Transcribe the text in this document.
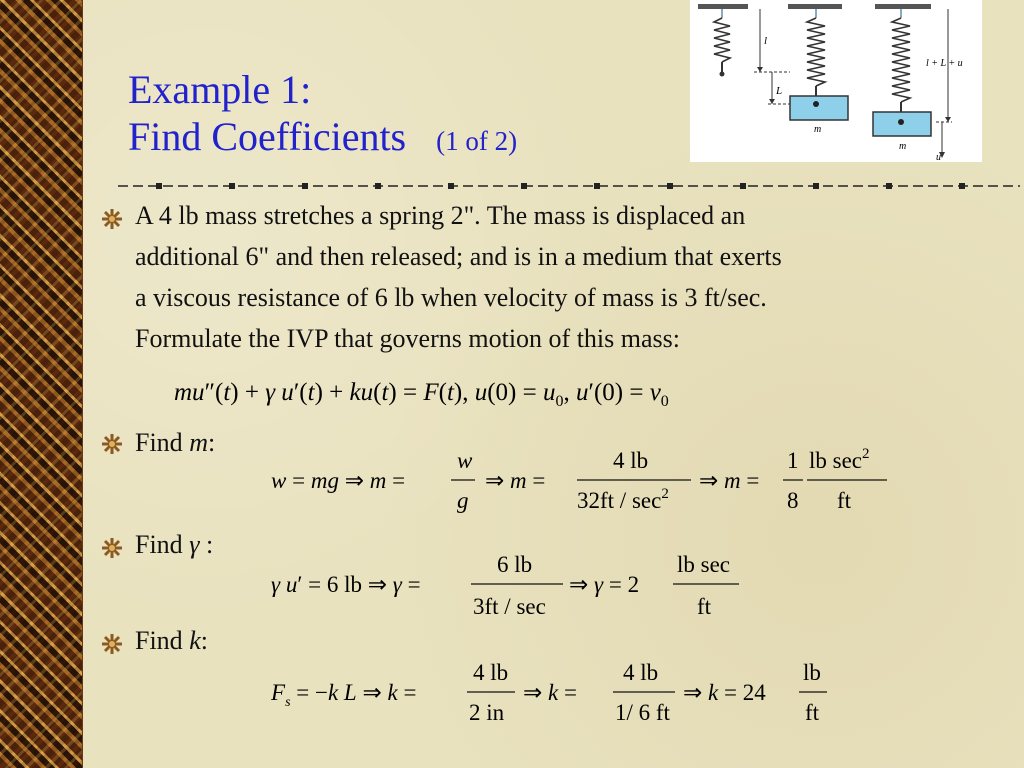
Example 1:
Find Coefficients (1 of 2)	m
m
l
L
l + L + u
u
A 4 lb mass stretches a spring 2". The mass is displaced an
additional 6" and then released; and is in a medium that exerts
a viscous resistance of 6 lb when velocity of mass is 3 ft/sec.
Formulate the IVP that governs motion of this mass:
mu″(t) + γ u′(t) + ku(t) = F(t), $u(0) = u_0$, $u'(0) = v_0$
Find m:
w = mg ⇒ m =
w
g
⇒ m =
4 lb
$32ft / \sec^2$
⇒ m =
1
8
lb $\sec^2$
ft
Find γ :
γ u′ = 6 lb ⇒ γ =
6 lb
3ft / sec
⇒ γ = 2
lb sec
ft
Find k:
$F_s = -k$ L ⇒ k =
4 lb
2 in
⇒ k =
4 lb
1/ 6 ft
⇒ k = 24
lb
ft
